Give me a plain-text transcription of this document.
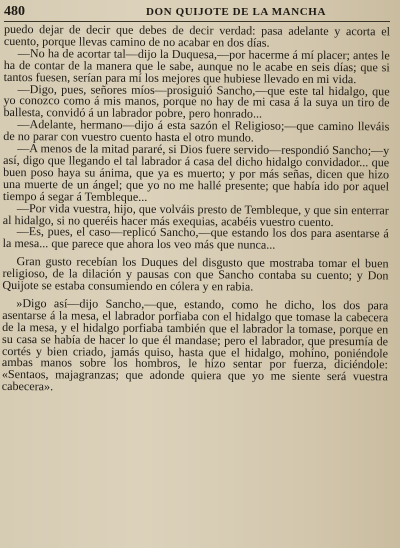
480	DON QUIJOTE DE LA MANCHA

puedo dejar de decir que debes de decir verdad: pasa adelante y acorta el cuento, porque llevas camino de no acabar en dos días.

—No ha de acortar tal—dijo la Duquesa,—por hacerme á mí placer; antes le ha de contar de la manera que le sabe, aunque no le acabe en seis días; que si tantos fuesen, serían para mí los mejores que hubiese llevado en mi vida.

—Digo, pues, señores míos—prosiguió Sancho,—que este tal hidalgo, que yo conozco como á mis manos, porque no hay de mi casa á la suya un tiro de ballesta, convidó á un labrador pobre, pero honrado...

—Adelante, hermano—dijo á esta sazón el Religioso;—que camino lleváis de no parar con vuestro cuento hasta el otro mundo.

—A menos de la mitad pararé, si Dios fuere servido—respondió Sancho;—y así, digo que llegando el tal labrador á casa del dicho hidalgo convidador... que buen poso haya su ánima, que ya es muerto; y por más señas, dicen que hizo una muerte de un ángel; que yo no me hallé presente; que había ido por aquel tiempo á segar á Tembleque...

—Por vida vuestra, hijo, que volváis presto de Tembleque, y que sin enterrar al hidalgo, si no queréis hacer más exequias, acabéis vuestro cuento.

—Es, pues, el caso—replicó Sancho,—que estando los dos para asentarse á la mesa... que parece que ahora los veo más que nunca...

Gran gusto recebían los Duques del disgusto que mostraba tomar el buen religioso, de la dilación y pausas con que Sancho contaba su cuento; y Don Quijote se estaba consumiendo en cólera y en rabia.

»Digo así—dijo Sancho,—que, estando, como he dicho, los dos para asentarse á la mesa, el labrador porfiaba con el hidalgo que tomase la cabecera de la mesa, y el hidalgo porfiaba también que el labrador la tomase, porque en su casa se había de hacer lo que él mandase; pero el labrador, que presumía de cortés y bien criado, jamás quiso, hasta que el hidalgo, mohíno, poniéndole ambas manos sobre los hombros, le hizo sentar por fuerza, diciéndole: «Sentaos, majagranzas; que adonde quiera que yo me siente será vuestra cabecera».
